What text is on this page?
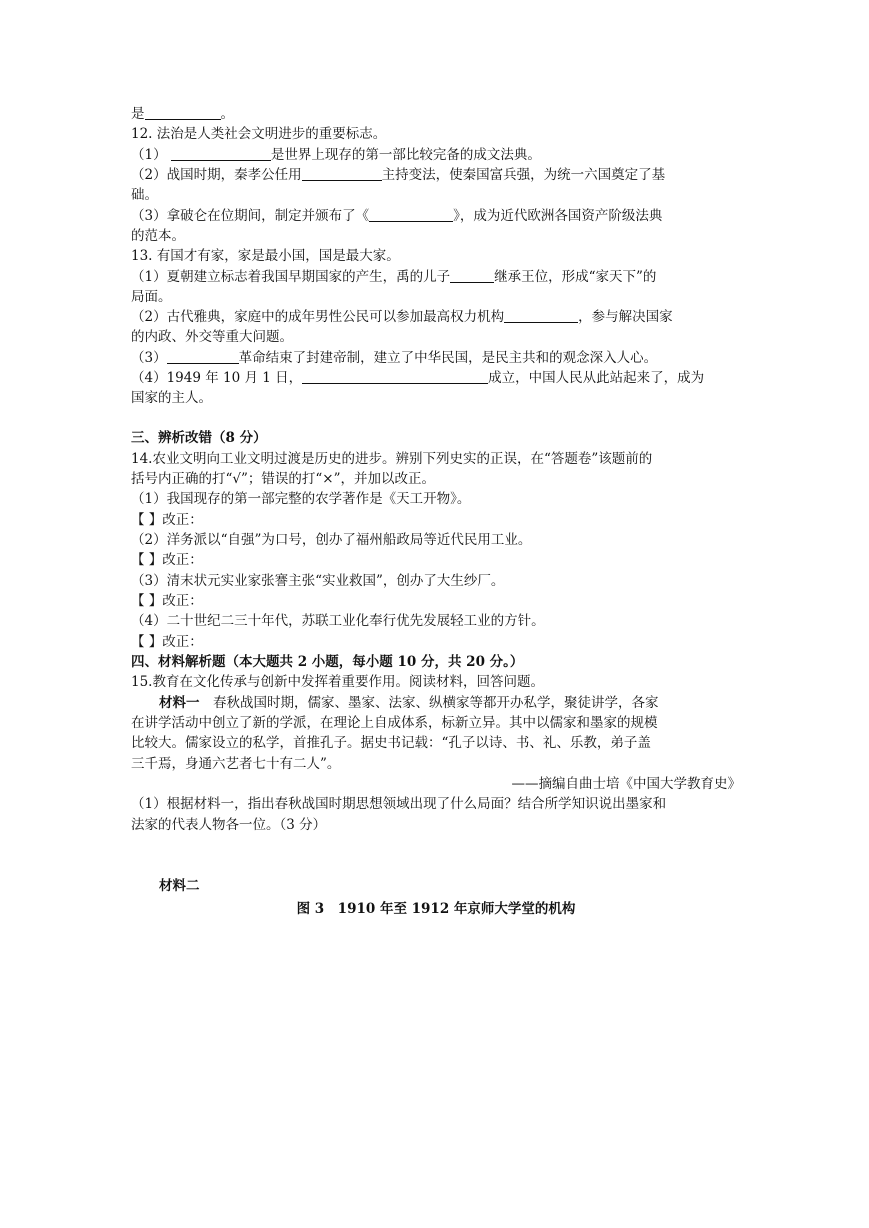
是	。
12. 法治是人类社会文明进步的重要标志。
（1）	是世界上现存的第一部比较完备的成文法典。
（2）战国时期，秦孝公任用	主持变法，使秦国富兵强，为统一六国奠定了基
础。
（3）拿破仑在位期间，制定并颁布了《	》，成为近代欧洲各国资产阶级法典
的范本。
13. 有国才有家，家是最小国，国是最大家。
（1）夏朝建立标志着我国早期国家的产生，禹的儿子	继承王位，形成“家天下”的
局面。
（2）古代雅典，家庭中的成年男性公民可以参加最高权力机构	，参与解决国家
的内政、外交等重大问题。
（3）	革命结束了封建帝制，建立了中华民国，是民主共和的观念深入人心。
（4）1949 年 10 月 1 日，	成立，中国人民从此站起来了，成为
国家的主人。
三、辨析改错（8 分）
14.农业文明向工业文明过渡是历史的进步。辨别下列史实的正误，在“答题卷”该题前的
括号内正确的打“√”；错误的打“×”，并加以改正。
（1）我国现存的第一部完整的农学著作是《天工开物》。
【 】改正：
（2）洋务派以“自强”为口号，创办了福州船政局等近代民用工业。
【 】改正：
（3）清末状元实业家张謇主张“实业救国”，创办了大生纱厂。
【 】改正：
（4）二十世纪二三十年代，苏联工业化奉行优先发展轻工业的方针。
【 】改正：
四、材料解析题（本大题共 2 小题，每小题 10 分，共 20 分。）
15.教育在文化传承与创新中发挥着重要作用。阅读材料，回答问题。
材料一　春秋战国时期，儒家、墨家、法家、纵横家等都开办私学，聚徒讲学，各家
在讲学活动中创立了新的学派，在理论上自成体系，标新立异。其中以儒家和墨家的规模
比较大。儒家设立的私学，首推孔子。据史书记载：“孔子以诗、书、礼、乐教，弟子盖
三千焉，身通六艺者七十有二人”。
——摘编自曲士培《中国大学教育史》
（1）根据材料一，指出春秋战国时期思想领域出现了什么局面？结合所学知识说出墨家和
法家的代表人物各一位。（3 分）
材料二
图 3　1910 年至 1912 年京师大学堂的机构
